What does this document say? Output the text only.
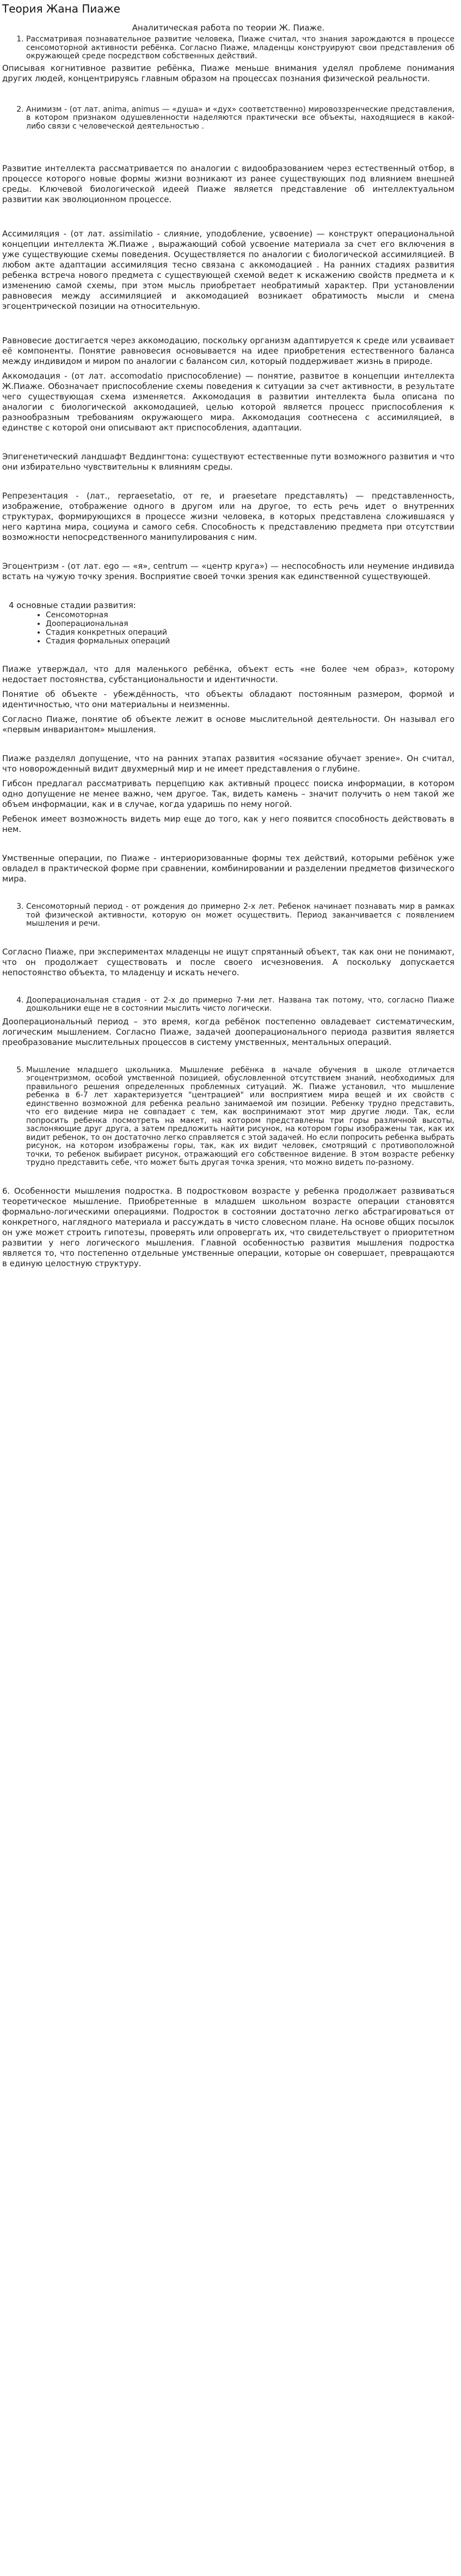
Теория Жана Пиаже
Аналитическая работа по теории Ж. Пиаже.
1. Рассматривая познавательное развитие человека, Пиаже считал, что знания зарождаются в процессе сенсомоторной активности ребёнка. Согласно Пиаже, младенцы конструируют свои представления об окружающей среде посредством собственных действий.

Описывая когнитивное развитие ребёнка, Пиаже меньше внимания уделял проблеме понимания других людей, концентрируясь главным образом на процессах познания физической реальности.

2. Анимизм - (от лат. anima, animus — «душа» и «дух» соответственно) мировоззренческие представления, в котором признаком одушевленности наделяются практически все объекты, находящиеся в какой-либо связи с человеческой деятельностью .

Развитие интеллекта рассматривается по аналогии с видообразованием через естественный отбор, в процессе которого новые формы жизни возникают из ранее существующих под влиянием внешней среды. Ключевой биологической идеей Пиаже является представление об интеллектуальном развитии как эволюционном процессе.

Ассимиляция - (от лат. assimilatio - слияние, уподобление, усвоение) — конструкт операциональной концепции интеллекта Ж.Пиаже , выражающий собой усвоение материала за счет его включения в уже существующие схемы поведения. Осуществляется по аналогии с биологической ассимиляцией. В любом акте адаптации ассимиляция тесно связана с аккомодацией . На ранних стадиях развития ребенка встреча нового предмета с существующей схемой ведет к искажению свойств предмета и к изменению самой схемы, при этом мысль приобретает необратимый характер. При установлении равновесия между ассимиляцией и аккомодацией возникает обратимость мысли и смена эгоцентрической позиции на относительную.

Равновесие достигается через аккомодацию, поскольку организм адаптируется к среде или усваивает её компоненты. Понятие равновесия основывается на идее приобретения естественного баланса между индивидом и миром по аналогии с балансом сил, который поддерживает жизнь в природе.

Аккомодация - (от лат. accomodatio приспособление) — понятие, развитое в концепции интеллекта Ж.Пиаже. Обозначает приспособление схемы поведения к ситуации за счет активности, в результате чего существующая схема изменяется. Аккомодация в развитии интеллекта была описана по аналогии с биологической аккомодацией, целью которой является процесс приспособления к разнообразным требованиям окружающего мира. Аккомодация соотнесена с ассимиляцией, в единстве с которой они описывают акт приспособления, адаптации.

Эпигенетический ландшафт Веддингтона: существуют естественные пути возможного развития и что они избирательно чувствительны к влияниям среды.

Репрезентация - (лат., repraesetatio, от re, и praesetare представлять) — представленность, изображение, отображение одного в другом или на другое, то есть речь идет о внутренних структурах, формирующихся в процессе жизни человека, в которых представлена сложившаяся у него картина мира, социума и самого себя. Способность к представлению предмета при отсутствии возможности непосредственного манипулирования с ним.

Эгоцентризм - (от лат. ego — «я», centrum — «центр круга») — неспособность или неумение индивида встать на чужую точку зрения. Восприятие своей точки зрения как единственной существующей.

4 основные стадии развития:

• Сенсомоторная
• Дооперациональная
• Стадия конкретных операций
• Стадия формальных операций

Пиаже утверждал, что для маленького ребёнка, объект есть «не более чем образ», которому недостает постоянства, субстанциональности и идентичности.

Понятие об объекте - убеждённость, что объекты обладают постоянным размером, формой и идентичностью, что они материальны и неизменны.

Согласно Пиаже, понятие об объекте лежит в основе мыслительной деятельности. Он называл его «первым инвариантом» мышления.

Пиаже разделял допущение, что на ранних этапах развития «осязание обучает зрение». Он считал, что новорожденный видит двухмерный мир и не имеет представления о глубине.

Гибсон предлагал рассматривать перцепцию как активный процесс поиска информации, в котором одно допущение не менее важно, чем другое. Так, видеть камень – значит получить о нем такой же объем информации, как и в случае, когда ударишь по нему ногой.

Ребенок имеет возможность видеть мир еще до того, как у него появится способность действовать в нем.

Умственные операции, по Пиаже - интериоризованные формы тех действий, которыми ребёнок уже овладел в практической форме при сравнении, комбинировании и разделении предметов физического мира.

3. Сенсомоторный период - от рождения до примерно 2-х лет. Ребенок начинает познавать мир в рамках той физической активности, которую он может осуществить. Период заканчивается с появлением мышления и речи.

Согласно Пиаже, при экспериментах младенцы не ищут спрятанный объект, так как они не понимают, что он продолжает существовать и после своего исчезновения. А поскольку допускается непостоянство объекта, то младенцу и искать нечего.

4. Дооперациональная стадия - от 2-х до примерно 7-ми лет. Названа так потому, что, согласно Пиаже дошкольники еще не в состоянии мыслить чисто логически.

Дооперациональный период – это время, когда ребёнок постепенно овладевает систематическим, логическим мышлением. Согласно Пиаже, задачей дооперационального периода развития является преобразование мыслительных процессов в систему умственных, ментальных операций.

5. Мышление младшего школьника. Мышление ребёнка в начале обучения в школе отличается эгоцентризмом, особой умственной позицией, обусловленной отсутствием знаний, необходимых для правильного решения определенных проблемных ситуаций. Ж. Пиаже установил, что мышление ребенка в 6-7 лет характеризуется "центрацией" или восприятием мира вещей и их свойств с единственно возможной для ребенка реально занимаемой им позиции. Ребенку трудно представить, что его видение мира не совпадает с тем, как воспринимают этот мир другие люди. Так, если попросить ребенка посмотреть на макет, на котором представлены три горы различной высоты, заслоняющие друг друга, а затем предложить найти рисунок, на котором горы изображены так, как их видит ребенок, то он достаточно легко справляется с этой задачей. Но если попросить ребенка выбрать рисунок, на котором изображены горы, так, как их видит человек, смотрящий с противоположной точки, то ребенок выбирает рисунок, отражающий его собственное видение. В этом возрасте ребенку трудно представить себе, что может быть другая точка зрения, что можно видеть по-разному.

6. Особенности мышления подростка. В подростковом возрасте у ребенка продолжает развиваться теоретическое мышление. Приобретенные в младшем школьном возрасте операции становятся формально-логическими операциями. Подросток в состоянии достаточно легко абстрагироваться от конкретного, наглядного материала и рассуждать в чисто словесном плане. На основе общих посылок он уже может строить гипотезы, проверять или опровергать их, что свидетельствует о приоритетном развитии у него логического мышления. Главной особенностью развития мышления подростка является то, что постепенно отдельные умственные операции, которые он совершает, превращаются в единую целостную структуру.
